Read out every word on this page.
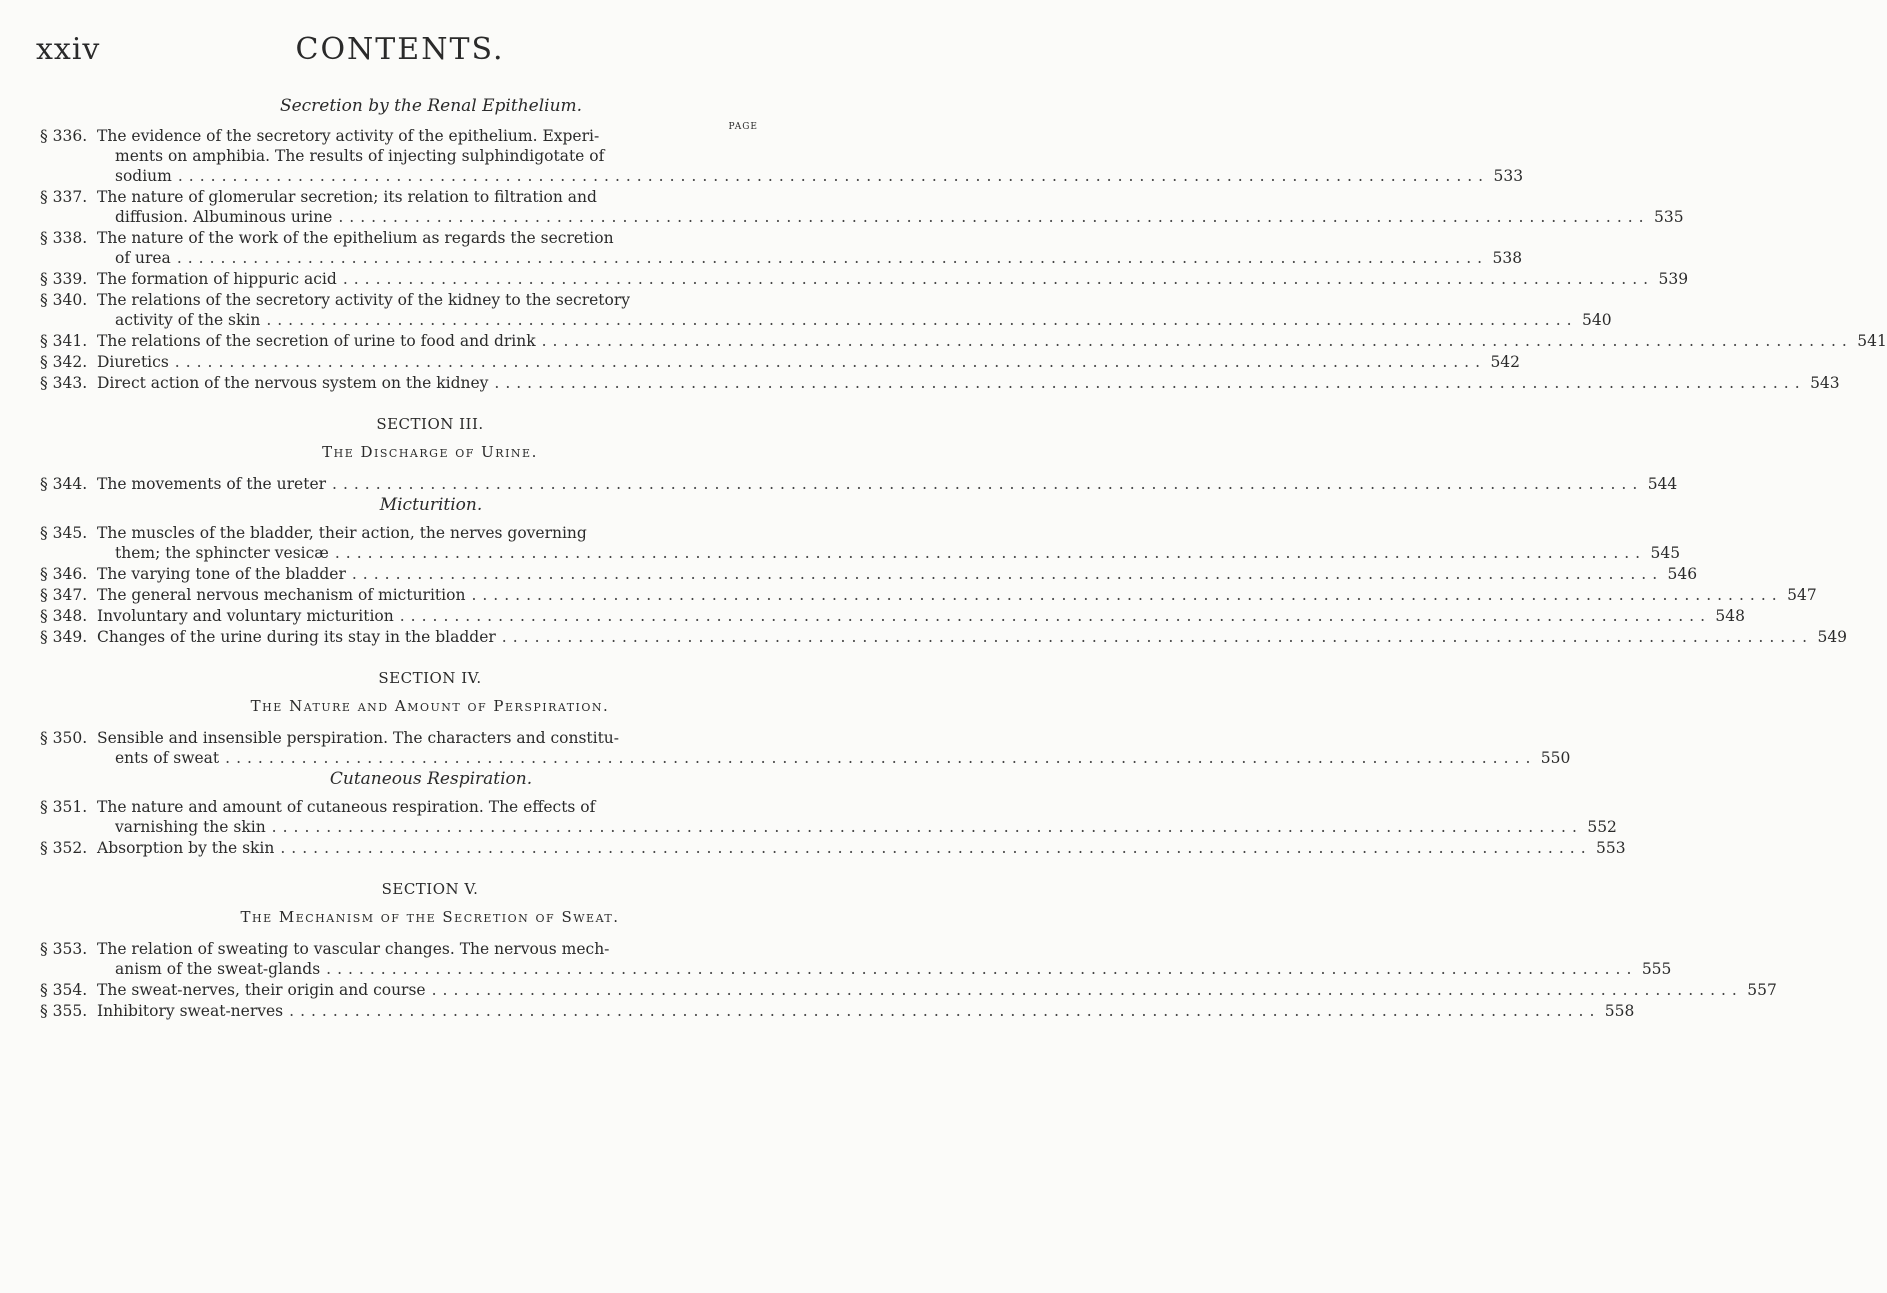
xxiv	CONTENTS.
Secretion by the Renal Epithelium.
PAGE
§ 336. The evidence of the secretory activity of the epithelium. Experi-
ments on amphibia. The results of injecting sulphindigotate of
sodium ........................................................................................................................ 533
§ 337. The nature of glomerular secretion; its relation to filtration and
diffusion. Albuminous urine ........................................................................................................................ 535
§ 338. The nature of the work of the epithelium as regards the secretion
of urea ........................................................................................................................ 538
§ 339. The formation of hippuric acid ........................................................................................................................ 539
§ 340. The relations of the secretory activity of the kidney to the secretory
activity of the skin ........................................................................................................................ 540
§ 341. The relations of the secretion of urine to food and drink ........................................................................................................................ 541
§ 342. Diuretics ........................................................................................................................ 542
§ 343. Direct action of the nervous system on the kidney ........................................................................................................................ 543
SECTION III.
The Discharge of Urine.
§ 344. The movements of the ureter ........................................................................................................................ 544
Micturition.
§ 345. The muscles of the bladder, their action, the nerves governing
them; the sphincter vesicæ ........................................................................................................................ 545
§ 346. The varying tone of the bladder ........................................................................................................................ 546
§ 347. The general nervous mechanism of micturition ........................................................................................................................ 547
§ 348. Involuntary and voluntary micturition ........................................................................................................................ 548
§ 349. Changes of the urine during its stay in the bladder ........................................................................................................................ 549
SECTION IV.
The Nature and Amount of Perspiration.
§ 350. Sensible and insensible perspiration. The characters and constitu-
ents of sweat ........................................................................................................................ 550
Cutaneous Respiration.
§ 351. The nature and amount of cutaneous respiration. The effects of
varnishing the skin ........................................................................................................................ 552
§ 352. Absorption by the skin ........................................................................................................................ 553
SECTION V.
The Mechanism of the Secretion of Sweat.
§ 353. The relation of sweating to vascular changes. The nervous mech-
anism of the sweat-glands ........................................................................................................................ 555
§ 354. The sweat-nerves, their origin and course ........................................................................................................................ 557
§ 355. Inhibitory sweat-nerves ........................................................................................................................ 558
